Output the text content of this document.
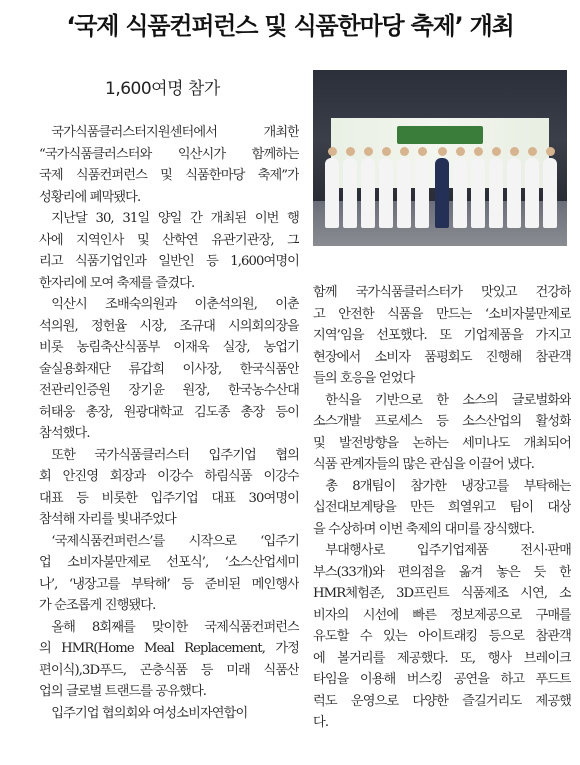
‘국제 식품컨퍼런스 및 식품한마당 축제’ 개최
1,600여명 참가

 국가식품클러스터지원센터에서 개최한
“국가식품클러스터와 익산시가 함께하는
국제 식품컨퍼런스 및 식품한마당 축제”가
성황리에 폐막됐다.

 지난달 30, 31일 양일 간 개최된 이번 행
사에 지역인사 및 산학연 유관기관장, 그
리고 식품기업인과 일반인 등 1,600여명이
한자리에 모여 축제를 즐겼다.

 익산시 조배숙의원과 이춘석의원, 이춘
석의원, 정헌율 시장, 조규대 시의회의장을
비롯 농림축산식품부 이재욱 실장, 농업기
술실용화재단 류갑희 이사장, 한국식품안
전관리인증원 장기윤 원장, 한국농수산대
허태웅 총장, 원광대학교 김도종 총장 등이
참석했다.

 또한 국가식품클러스터 입주기업 협의
회 안진영 회장과 이강수 하림식품 이강수
대표 등 비롯한 입주기업 대표 30여명이
참석해 자리를 빛내주었다

 ‘국제식품컨퍼런스’를 시작으로 ‘입주기
업 소비자불만제로 선포식’, ‘소스산업세미
나’, ‘냉장고를 부탁해’ 등 준비된 메인행사
가 순조롭게 진행됐다.

 올해 8회째를 맞이한 국제식품컨퍼런스
의 HMR(Home Meal Replacement, 가정
편이식),3D푸드, 곤충식품 등 미래 식품산
업의 글로벌 트랜드를 공유했다.

 입주기업 협의회와 여성소비자연합이

함께 국가식품클러스터가 맛있고 건강하
고 안전한 식품을 만드는 ‘소비자불만제로
지역’임을 선포했다. 또 기업제품을 가지고
현장에서 소비자 품평회도 진행해 참관객
들의 호응을 얻었다

 한식을 기반으로 한 소스의 글로벌화와
소스개발 프로세스 등 소스산업의 활성화
및 발전방향을 논하는 세미나도 개최되어
식품 관계자들의 많은 관심을 이끌어 냈다.

 총 8개팀이 참가한 냉장고를 부탁해는
십전대보계탕을 만든 희열위고 팀이 대상
을 수상하며 이번 축제의 대미를 장식했다.

 부대행사로 입주기업제품 전시·판매
부스(33개)와 편의점을 옮겨 놓은 듯 한
HMR체험존, 3D프린트 식품제조 시연, 소
비자의 시선에 빠른 정보제공으로 구매를
유도할 수 있는 아이트래킹 등으로 참관객
에 볼거리를 제공했다. 또, 행사 브레이크
타임을 이용해 버스킹 공연을 하고 푸드트
럭도 운영으로 다양한 즐길거리도 제공했
다.
